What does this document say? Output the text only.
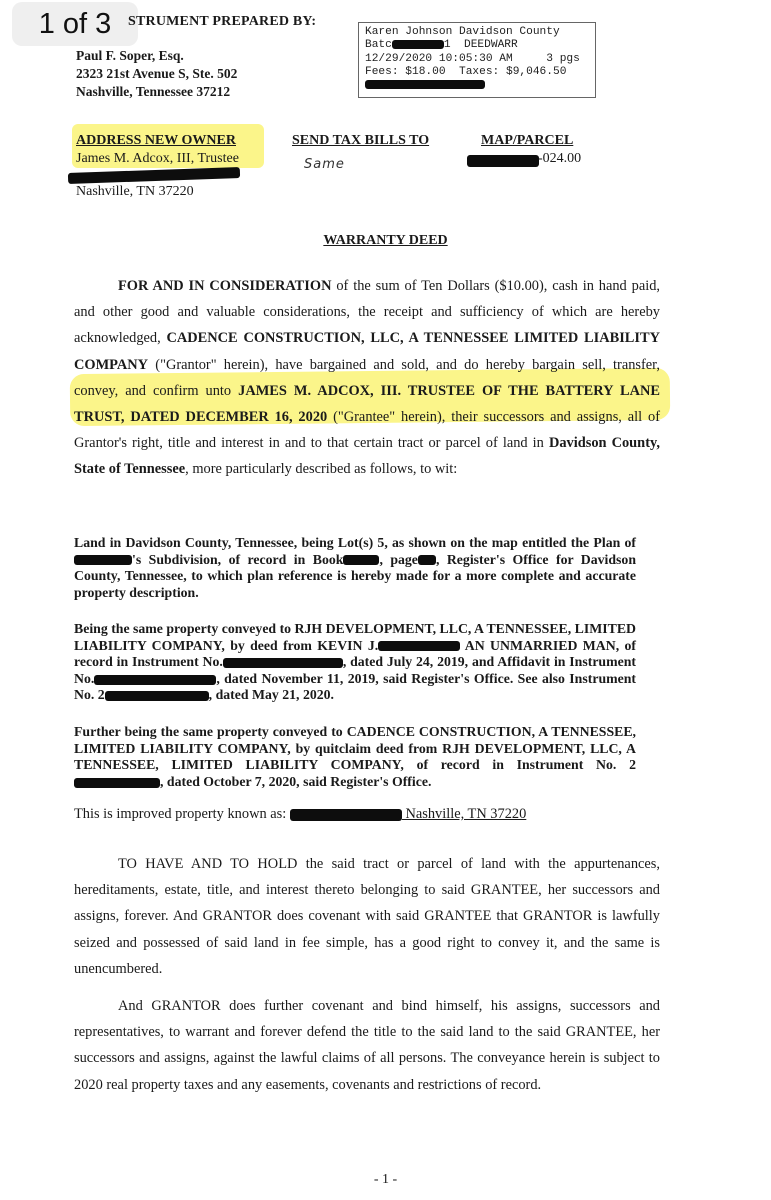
1 of 3	STRUMENT PREPARED BY:
Paul F. Soper, Esq.
2323 21st Avenue S, Ste. 502
Nashville, Tennessee 37212
Karen Johnson Davidson County
Batc	1  DEEDWARR
12/29/2020 10:05:30 AM     3 pgs
Fees: $18.00  Taxes: $9,046.50

ADDRESS NEW OWNER
James M. Adcox, III, Trustee
Nashville, TN 37220
SEND TAX BILLS TO
Same
MAP/PARCEL
-024.00
WARRANTY DEED
FOR AND IN CONSIDERATION of the sum of Ten Dollars ($10.00), cash in hand paid, and other good and valuable considerations, the receipt and sufficiency of which are hereby acknowledged, CADENCE CONSTRUCTION, LLC, A TENNESSEE LIMITED LIABILITY COMPANY ("Grantor" herein), have bargained and sold, and do hereby bargain sell, transfer, convey, and confirm unto JAMES M. ADCOX, III. TRUSTEE OF THE BATTERY LANE TRUST, DATED DECEMBER 16, 2020 ("Grantee" herein), their successors and assigns, all of Grantor's right, title and interest in and to that certain tract or parcel of land in Davidson County, State of Tennessee, more particularly described as follows, to wit:
Land in Davidson County, Tennessee, being Lot(s) 5, as shown on the map entitled the Plan of 's Subdivision, of record in Book	, page , Register's Office for Davidson County, Tennessee, to which plan reference is hereby made for a more complete and accurate property description.
Being the same property conveyed to RJH DEVELOPMENT, LLC, A TENNESSEE, LIMITED LIABILITY COMPANY, by deed from KEVIN J.	AN UNMARRIED MAN, of record in Instrument No.	, dated July 24, 2019, and Affidavit in Instrument No.	, dated November 11, 2019, said Register's Office. See also Instrument No. 2	, dated May 21, 2020.
Further being the same property conveyed to CADENCE CONSTRUCTION, A TENNESSEE, LIMITED LIABILITY COMPANY, by quitclaim deed from RJH DEVELOPMENT, LLC, A TENNESSEE, LIMITED LIABILITY COMPANY, of record in Instrument No. 2, dated October 7, 2020, said Register's Office.
This is improved property known as:	Nashville, TN 37220
TO HAVE AND TO HOLD the said tract or parcel of land with the appurtenances, hereditaments, estate, title, and interest thereto belonging to said GRANTEE, her successors and assigns, forever. And GRANTOR does covenant with said GRANTEE that GRANTOR is lawfully seized and possessed of said land in fee simple, has a good right to convey it, and the same is unencumbered.
And GRANTOR does further covenant and bind himself, his assigns, successors and representatives, to warrant and forever defend the title to the said land to the said GRANTEE, her successors and assigns, against the lawful claims of all persons. The conveyance herein is subject to 2020 real property taxes and any easements, covenants and restrictions of record.
- 1 -
